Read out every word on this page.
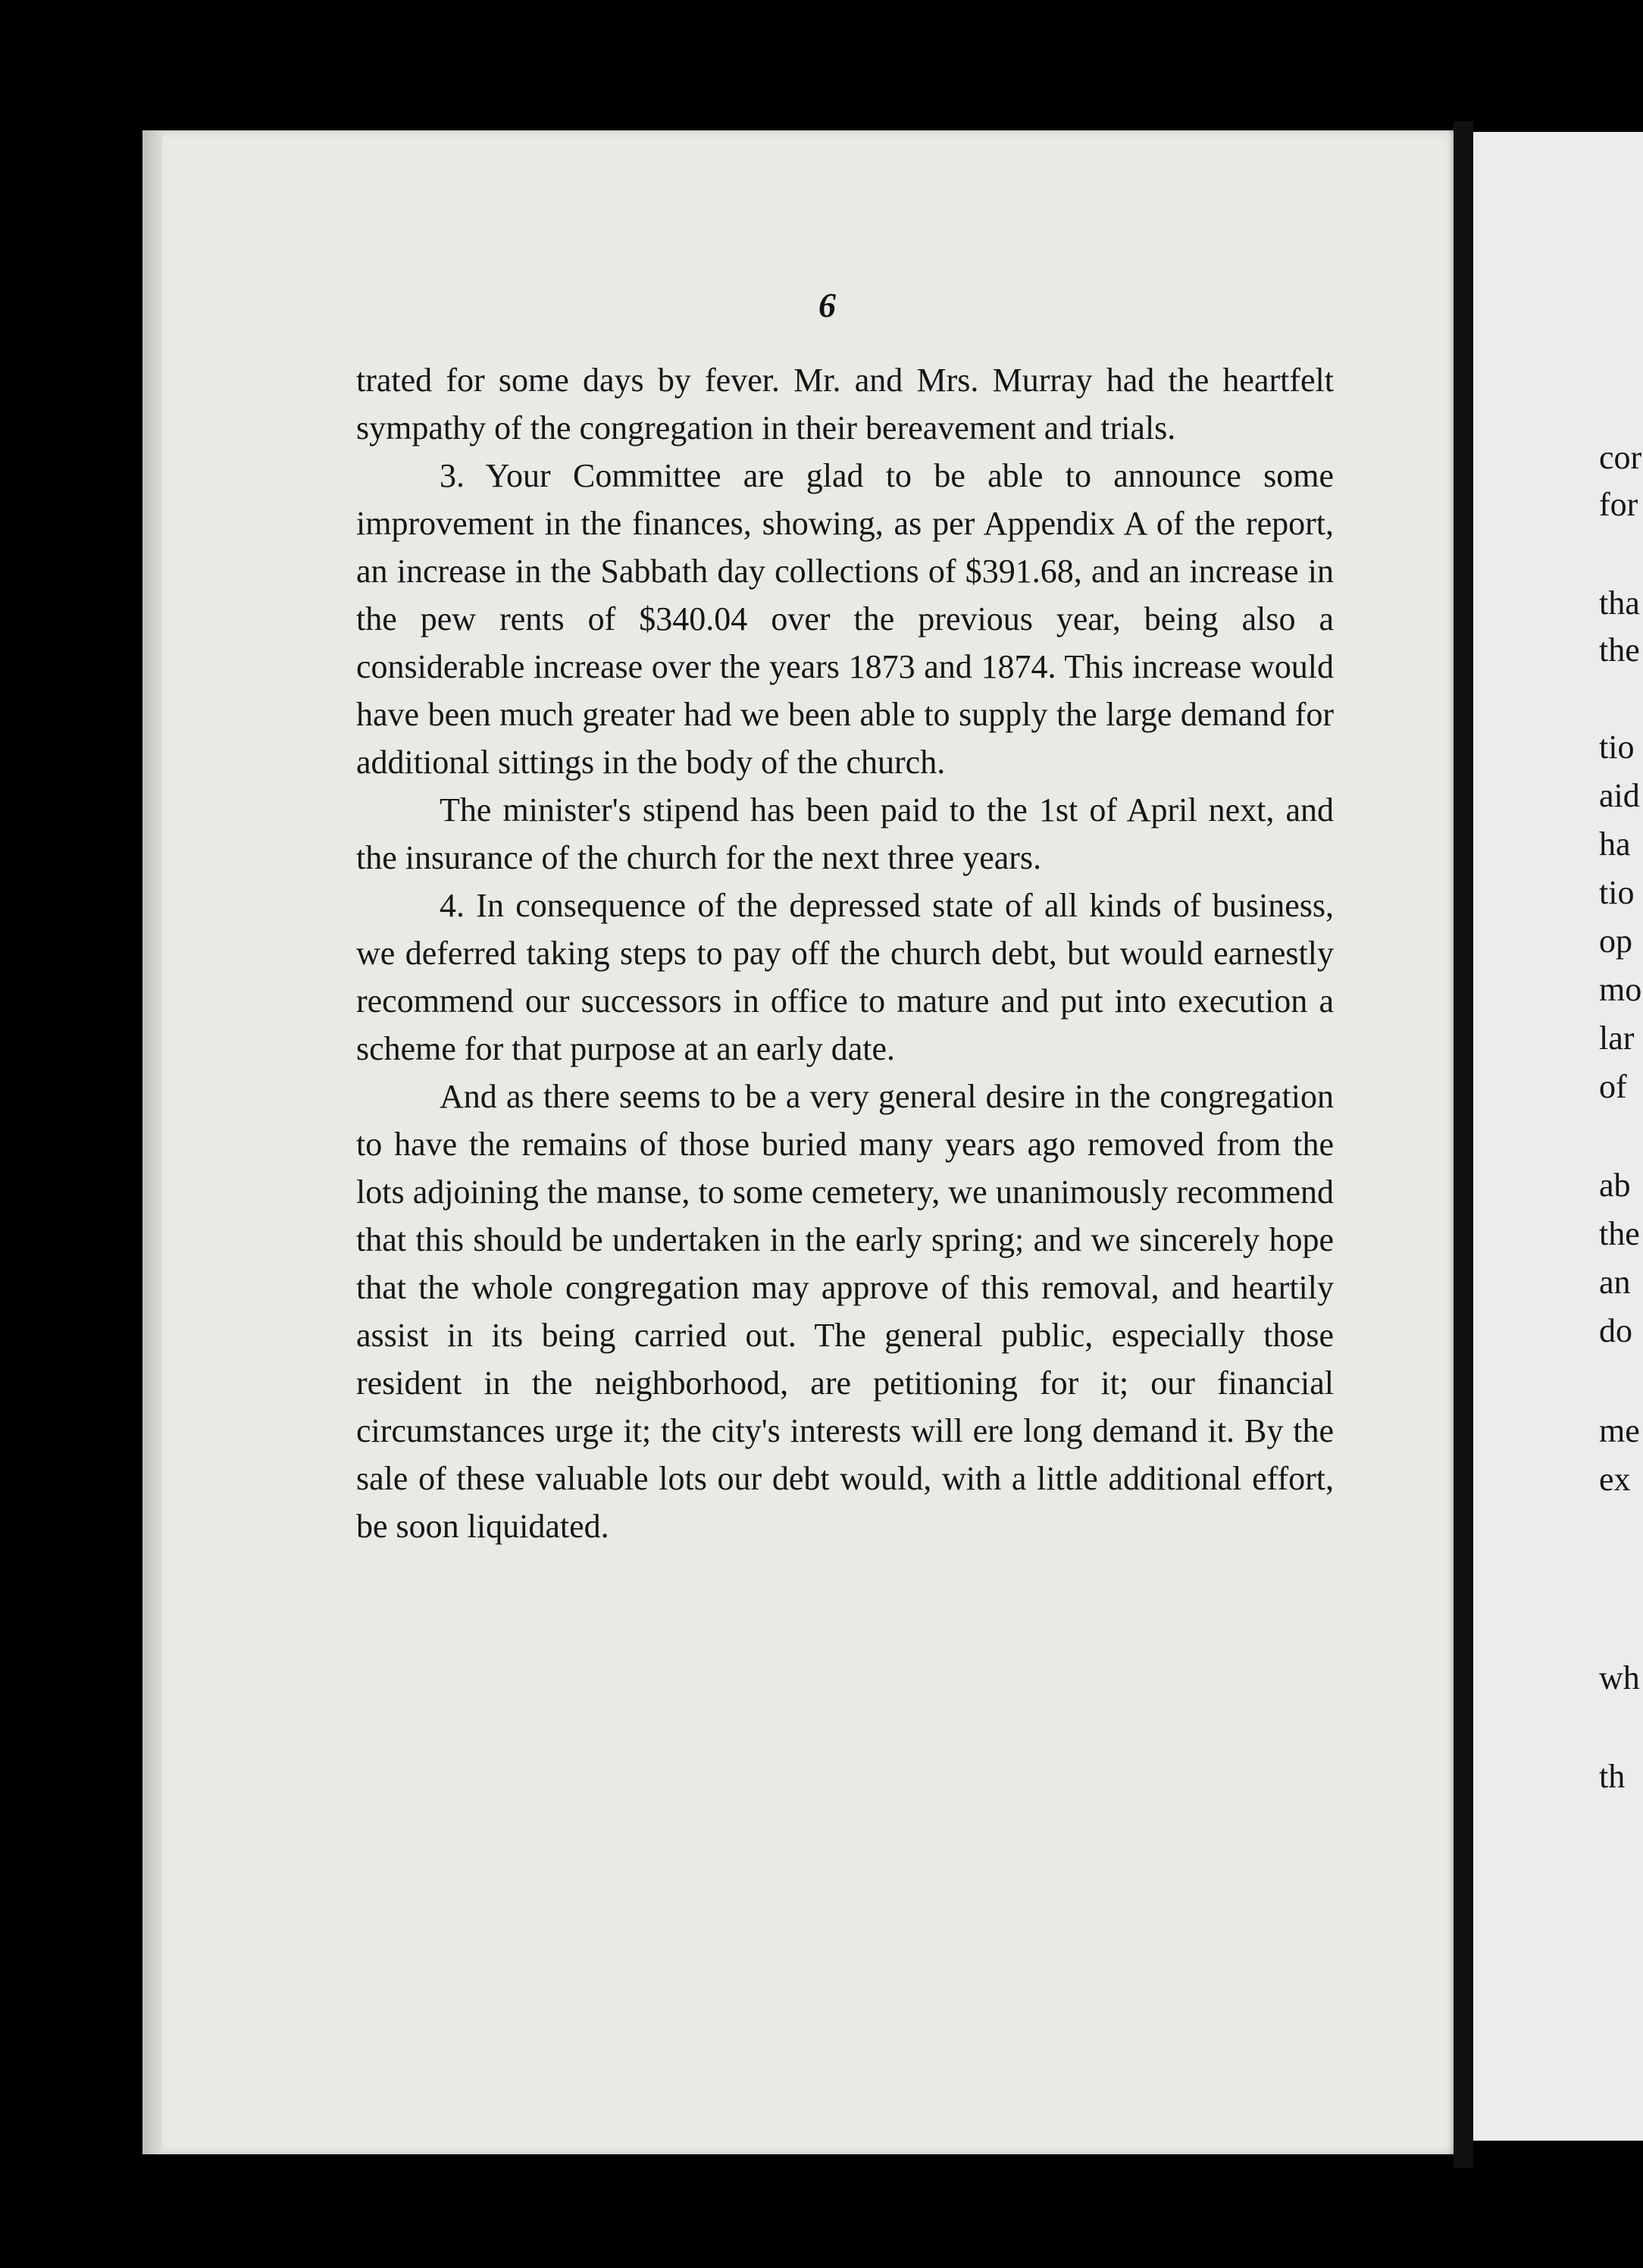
6

trated for some days by fever. Mr. and Mrs. Murray had the heartfelt sympathy of the congregation in their bereavement and trials.

3. Your Committee are glad to be able to announce some improvement in the finances, showing, as per Appendix A of the report, an increase in the Sabbath day collections of $391.68, and an increase in the pew rents of $340.04 over the previous year, being also a considerable increase over the years 1873 and 1874. This increase would have been much greater had we been able to supply the large demand for additional sittings in the body of the church.

The minister's stipend has been paid to the 1st of April next, and the insurance of the church for the next three years.

4. In consequence of the depressed state of all kinds of business, we deferred taking steps to pay off the church debt, but would earnestly recommend our successors in office to mature and put into execution a scheme for that purpose at an early date.

And as there seems to be a very general desire in the congregation to have the remains of those buried many years ago removed from the lots adjoining the manse, to some cemetery, we unanimously recommend that this should be undertaken in the early spring; and we sincerely hope that the whole congregation may approve of this removal, and heartily assist in its being carried out. The general public, especially those resident in the neighborhood, are petitioning for it; our financial circumstances urge it; the city's interests will ere long demand it. By the sale of these valuable lots our debt would, with a little additional effort, be soon liquidated.

cor
for
tha
the
tio
aid
ha
tio
op
mo
lar
of
ab
the
an
do
me
ex
wh
th
